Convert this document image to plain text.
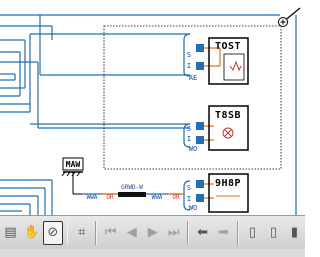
TOST
S
I
AE
T8SB
S
I
WO
9H8P
S
I
WO
MAW
WWA OR
GRWD-W
WWA OR
▤ ✋ ⊘	⌗	⏮ ◀ ▶ ⏭	⬅ ➡	▯	▯	▮
